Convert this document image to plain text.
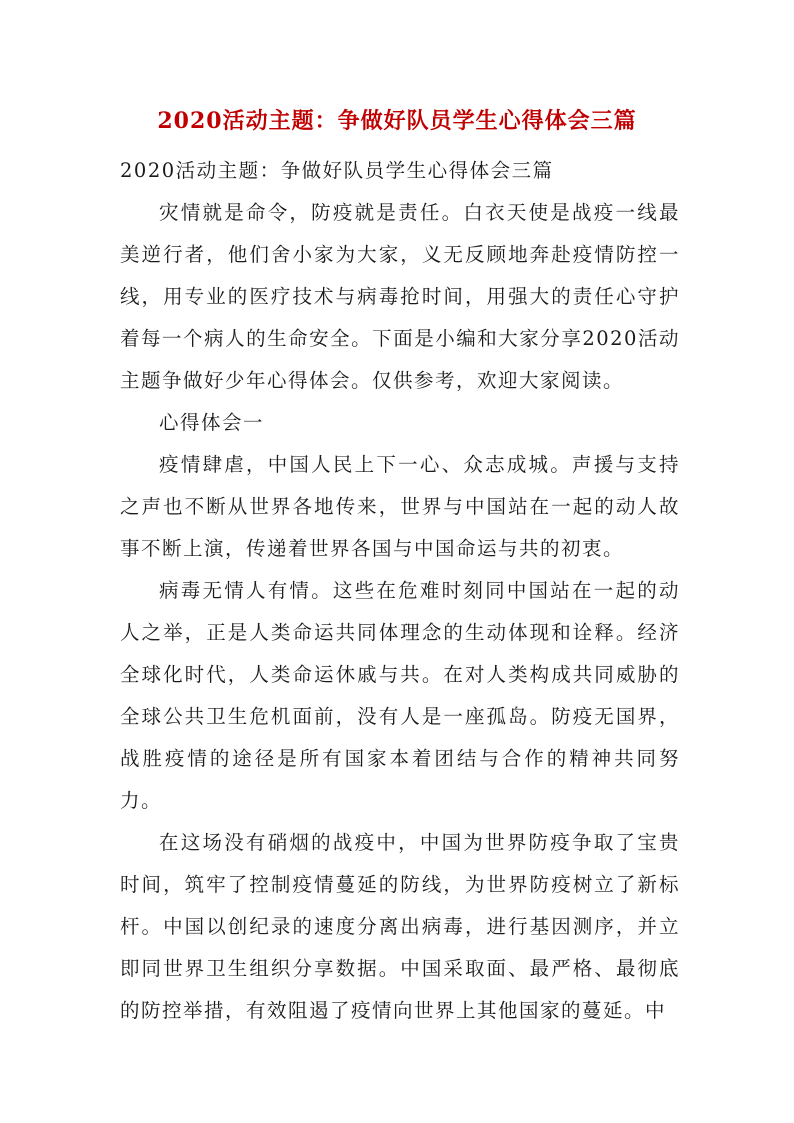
2020活动主题：争做好队员学生心得体会三篇

2020活动主题：争做好队员学生心得体会三篇

灾情就是命令，防疫就是责任。白衣天使是战疫一线最美逆行者，他们舍小家为大家，义无反顾地奔赴疫情防控一线，用专业的医疗技术与病毒抢时间，用强大的责任心守护着每一个病人的生命安全。下面是小编和大家分享2020活动主题争做好少年心得体会。仅供参考，欢迎大家阅读。

心得体会一

疫情肆虐，中国人民上下一心、众志成城。声援与支持之声也不断从世界各地传来，世界与中国站在一起的动人故事不断上演，传递着世界各国与中国命运与共的初衷。

病毒无情人有情。这些在危难时刻同中国站在一起的动人之举，正是人类命运共同体理念的生动体现和诠释。经济全球化时代，人类命运休戚与共。在对人类构成共同威胁的全球公共卫生危机面前，没有人是一座孤岛。防疫无国界，战胜疫情的途径是所有国家本着团结与合作的精神共同努力。

在这场没有硝烟的战疫中，中国为世界防疫争取了宝贵时间，筑牢了控制疫情蔓延的防线，为世界防疫树立了新标杆。中国以创纪录的速度分离出病毒，进行基因测序，并立即同世界卫生组织分享数据。中国采取面、最严格、最彻底的防控举措，有效阻遏了疫情向世界上其他国家的蔓延。中
